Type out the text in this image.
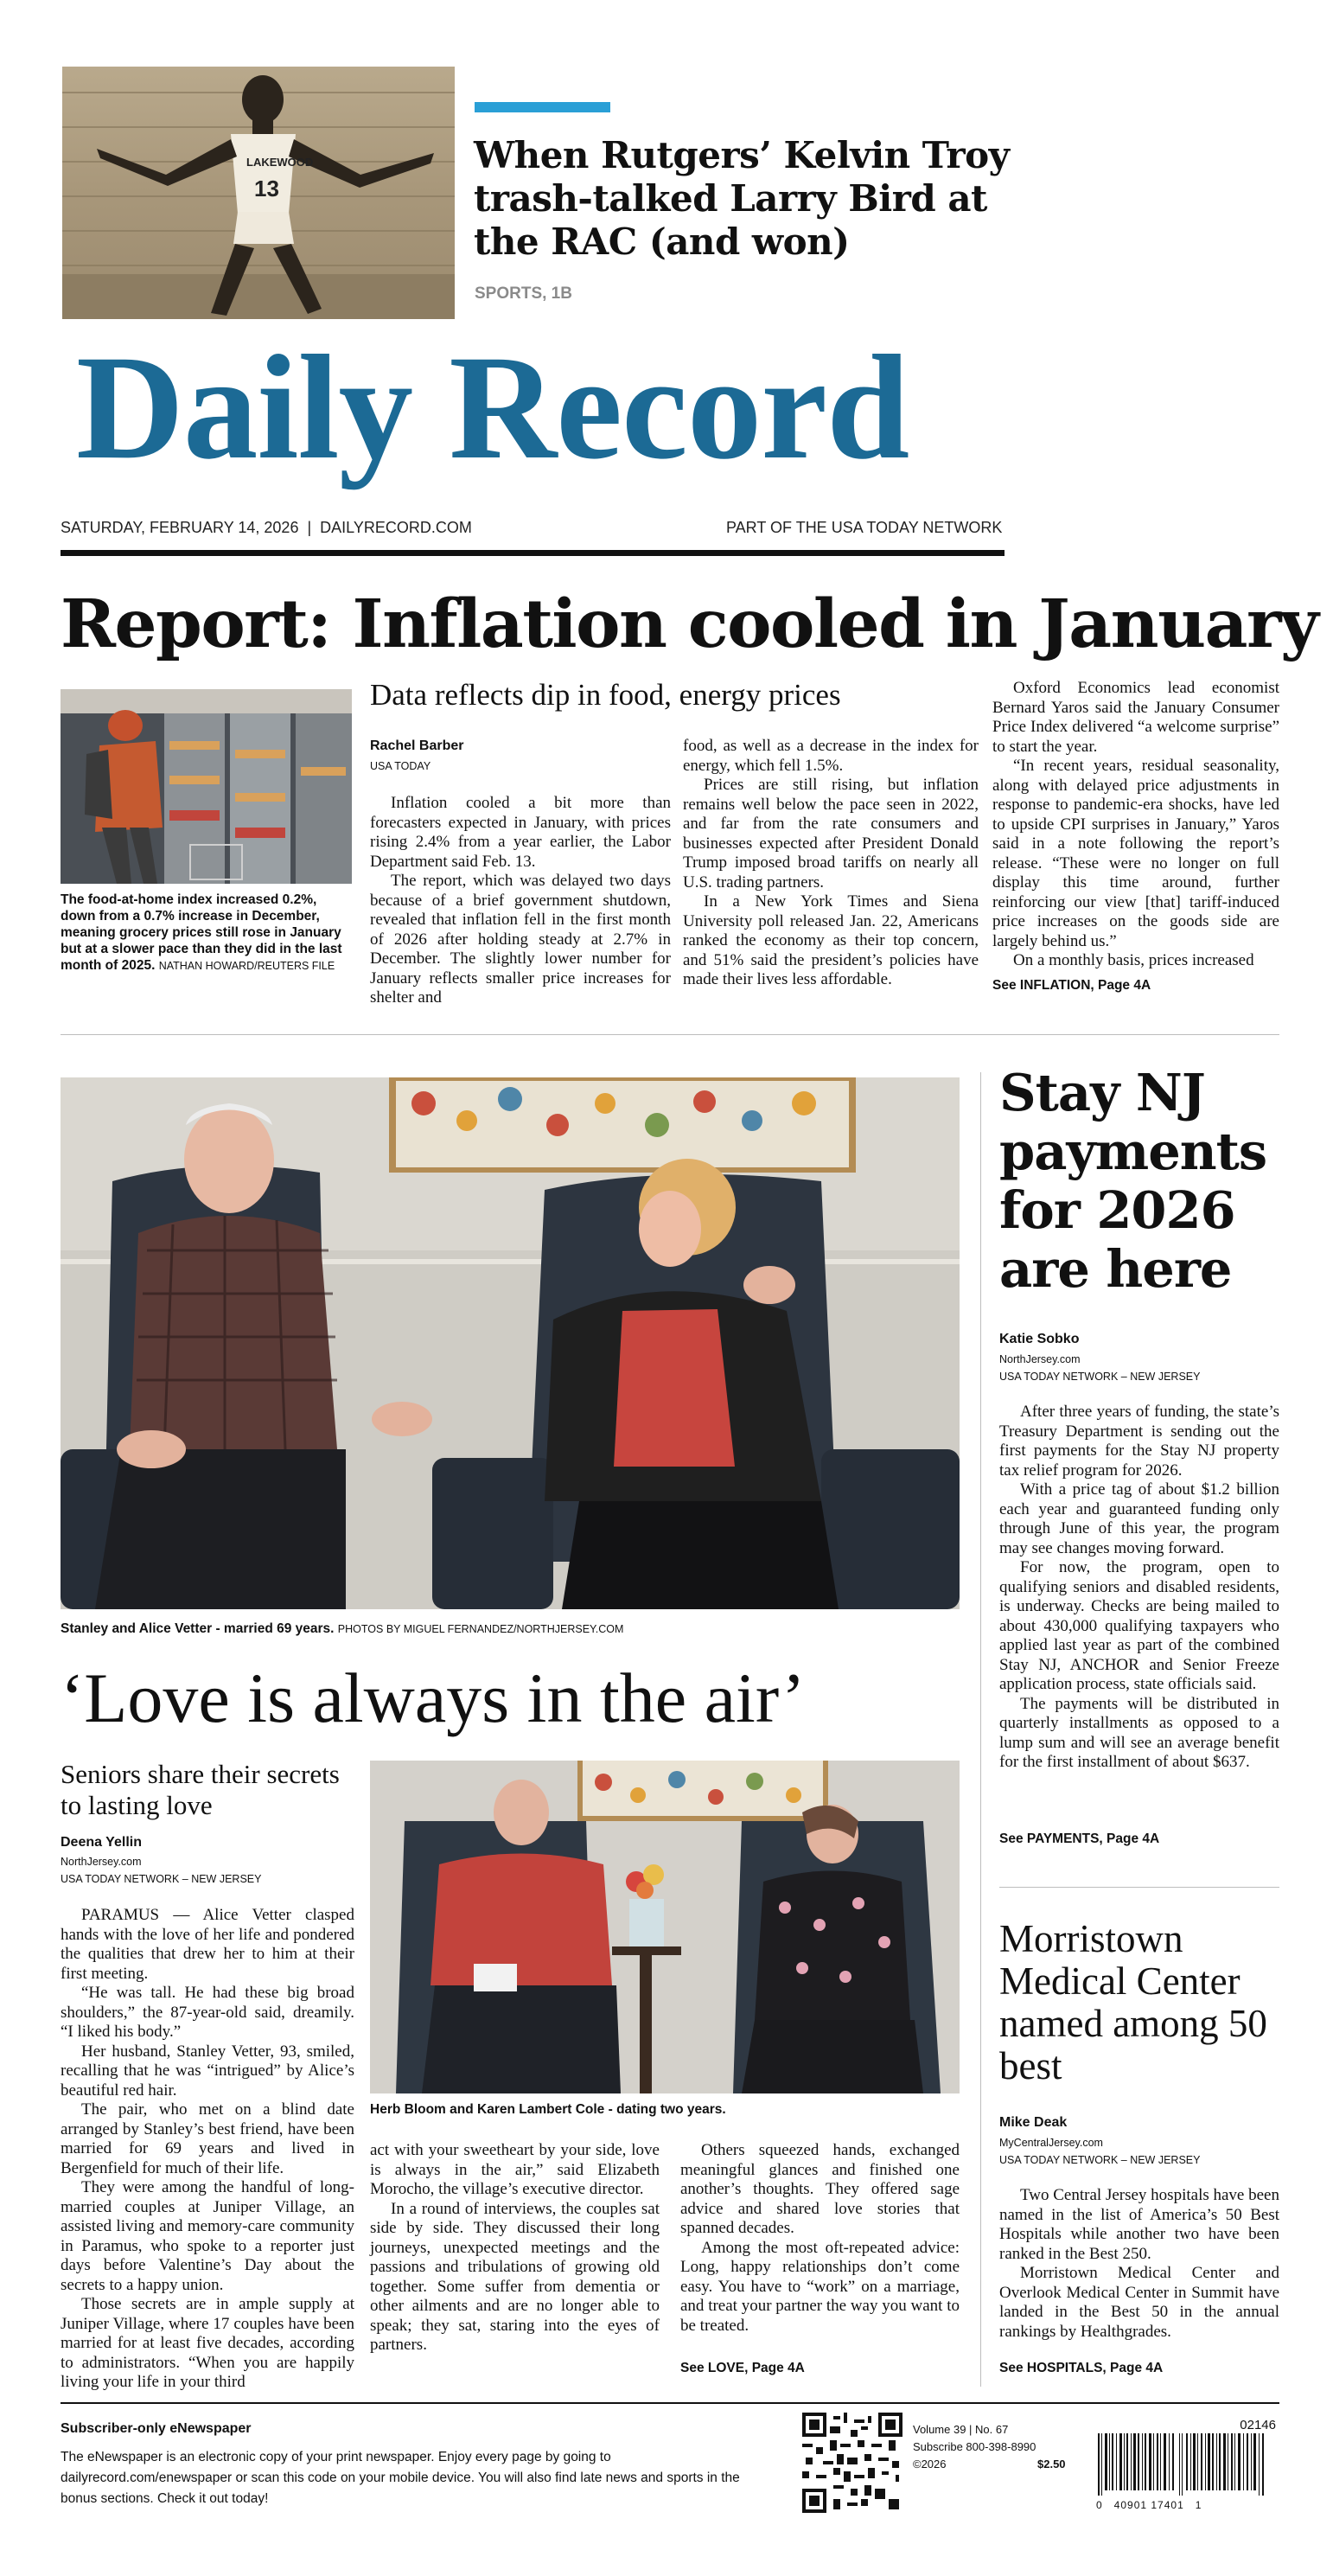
LAKEWOOD
13
When Rutgers’ Kelvin Troy trash-talked Larry Bird at the RAC (and won)
SPORTS, 1B
Daily Record
SATURDAY, FEBRUARY 14, 2026  |  DAILYRECORD.COM	PART OF THE USA TODAY NETWORK
Report: Inflation cooled in January
The food-at-home index increased 0.2%, down from a 0.7% increase in December, meaning grocery prices still rose in January but at a slower pace than they did in the last month of 2025. NATHAN HOWARD/REUTERS FILE
Data reflects dip in food, energy prices
Rachel Barber
USA TODAY

Inflation cooled a bit more than forecasters expected in January, with prices rising 2.4% from a year earlier, the Labor Department said Feb. 13.

The report, which was delayed two days because of a brief government shutdown, revealed that inflation fell in the first month of 2026 after holding steady at 2.7% in December. The slightly lower number for January reflects smaller price increases for shelter and

food, as well as a decrease in the index for energy, which fell 1.5%.

Prices are still rising, but inflation remains well below the pace seen in 2022, and far from the rate consumers and businesses expected after President Donald Trump imposed broad tariffs on nearly all U.S. trading partners.

In a New York Times and Siena University poll released Jan. 22, Americans ranked the economy as their top concern, and 51% said the president’s policies have made their lives less affordable.

Oxford Economics lead economist Bernard Yaros said the January Consumer Price Index delivered “a welcome surprise” to start the year.

“In recent years, residual seasonality, along with delayed price adjustments in response to pandemic-era shocks, have led to upside CPI surprises in January,” Yaros said in a note following the report’s release. “These were no longer on full display this time around, further reinforcing our view [that] tariff-induced price increases on the goods side are largely behind us.”

On a monthly basis, prices increased

See INFLATION, Page 4A
Stanley and Alice Vetter - married 69 years. PHOTOS BY MIGUEL FERNANDEZ/NORTHJERSEY.COM
‘Love is always in the air’
Seniors share their secrets to lasting love
Deena Yellin
NorthJersey.com
USA TODAY NETWORK – NEW JERSEY

PARAMUS — Alice Vetter clasped hands with the love of her life and pondered the qualities that drew her to him at their first meeting.

“He was tall. He had these big broad shoulders,” the 87-year-old said, dreamily. “I liked his body.”

Her husband, Stanley Vetter, 93, smiled, recalling that he was “intrigued” by Alice’s beautiful red hair.

The pair, who met on a blind date arranged by Stanley’s best friend, have been married for 69 years and lived in Bergenfield for much of their life.

They were among the handful of long-married couples at Juniper Village, an assisted living and memory-care community in Paramus, who spoke to a reporter just days before Valentine’s Day about the secrets to a happy union.

Those secrets are in ample supply at Juniper Village, where 17 couples have been married for at least five decades, according to administrators. “When you are happily living your life in your third

Herb Bloom and Karen Lambert Cole - dating two years.

act with your sweetheart by your side, love is always in the air,” said Elizabeth Morocho, the village’s executive director.

In a round of interviews, the couples sat side by side. They discussed their long journeys, unexpected meetings and the passions and tribulations of growing old together. Some suffer from dementia or other ailments and are no longer able to speak; they sat, staring into the eyes of partners.

Others squeezed hands, exchanged meaningful glances and finished one another’s thoughts. They offered sage advice and shared love stories that spanned decades.

Among the most oft-repeated advice: Long, happy relationships don’t come easy. You have to “work” on a marriage, and treat your partner the way you want to be treated.

See LOVE, Page 4A
Stay NJ payments for 2026 are here
Katie Sobko
NorthJersey.com
USA TODAY NETWORK – NEW JERSEY

After three years of funding, the state’s Treasury Department is sending out the first payments for the Stay NJ property tax relief program for 2026.

With a price tag of about $1.2 billion each year and guaranteed funding only through June of this year, the program may see changes moving forward.

For now, the program, open to qualifying seniors and disabled residents, is underway. Checks are being mailed to about 430,000 qualifying taxpayers who applied last year as part of the combined Stay NJ, ANCHOR and Senior Freeze application process, state officials said.

The payments will be distributed in quarterly installments as opposed to a lump sum and will see an average benefit for the first installment of about $637.

See PAYMENTS, Page 4A
Morristown Medical Center named among 50 best
Mike Deak
MyCentralJersey.com
USA TODAY NETWORK – NEW JERSEY

Two Central Jersey hospitals have been named in the list of America’s 50 Best Hospitals while another two have been ranked in the Best 250.

Morristown Medical Center and Overlook Medical Center in Summit have landed in the Best 50 in the annual rankings by Healthgrades.

See HOSPITALS, Page 4A
Subscriber-only eNewspaper
The eNewspaper is an electronic copy of your print newspaper. Enjoy every page by going to dailyrecord.com/enewspaper or scan this code on your mobile device. You will also find late news and sports in the bonus sections. Check it out today!
Volume 39 | No. 67
Subscribe 800-398-8990
©2026	$2.50
02146
0   40901 17401   1
